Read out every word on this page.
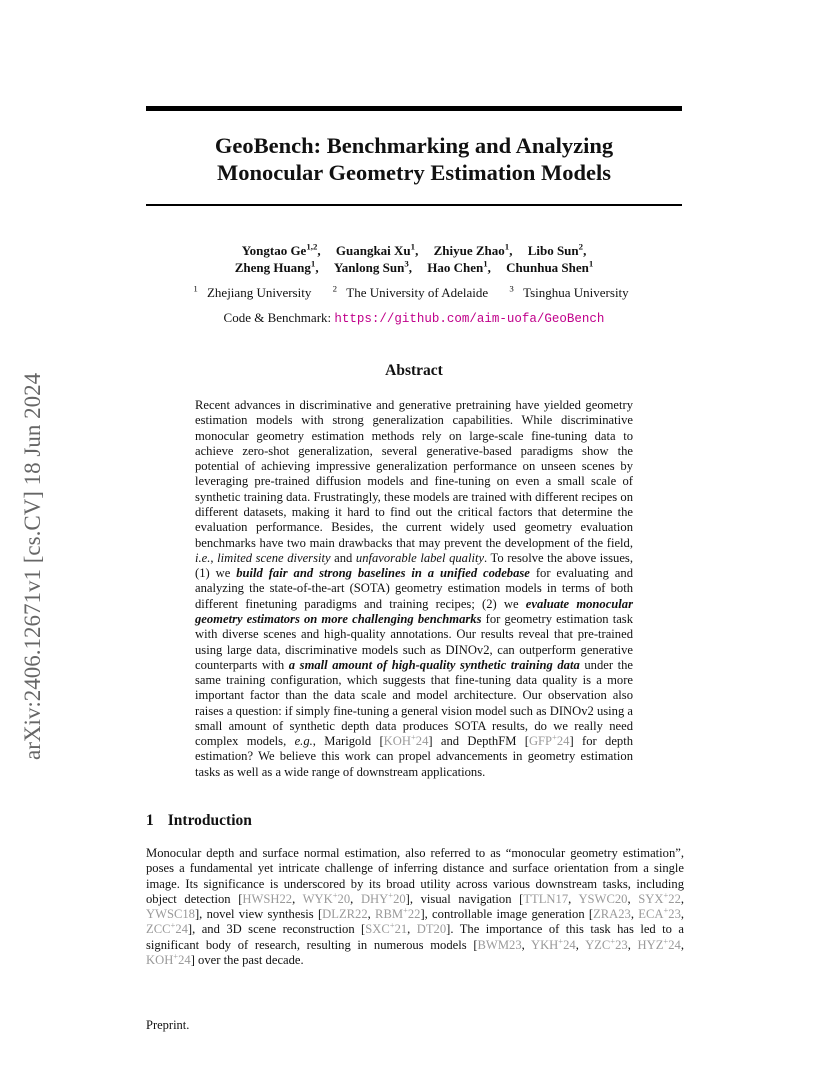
arXiv:2406.12671v1 [cs.CV] 18 Jun 2024
GeoBench: Benchmarking and Analyzing
Monocular Geometry Estimation Models
Yongtao Ge$^{1,2}$, Guangkai Xu$^1$, Zhiyue Zhao$^1$, Libo Sun$^2$,
Zheng Huang$^1$, Yanlong Sun$^3$, Hao Chen$^1$, Chunhua Shen$^1$
$^1$ Zhejiang University $^2$ The University of Adelaide $^3$ Tsinghua University
Code & Benchmark: https://github.com/aim-uofa/GeoBench
Abstract
Recent advances in discriminative and generative pretraining have yielded geometry estimation models with strong generalization capabilities. While discriminative monocular geometry estimation methods rely on large-scale fine-tuning data to achieve zero-shot generalization, several generative-based paradigms show the potential of achieving impressive generalization performance on unseen scenes by leveraging pre-trained diffusion models and fine-tuning on even a small scale of synthetic training data. Frustratingly, these models are trained with different recipes on different datasets, making it hard to find out the critical factors that determine the evaluation performance. Besides, the current widely used geometry evaluation benchmarks have two main drawbacks that may prevent the development of the field, i.e., limited scene diversity and unfavorable label quality. To resolve the above issues, (1) we build fair and strong baselines in a unified codebase for evaluating and analyzing the state-of-the-art (SOTA) geometry estimation models in terms of both different finetuning paradigms and training recipes; (2) we evaluate monocular geometry estimators on more challenging benchmarks for geometry estimation task with diverse scenes and high-quality annotations. Our results reveal that pre-trained using large data, discriminative models such as DINOv2, can outperform generative counterparts with a small amount of high-quality synthetic training data under the same training configuration, which suggests that fine-tuning data quality is a more important factor than the data scale and model architecture. Our observation also raises a question: if simply fine-tuning a general vision model such as DINOv2 using a small amount of synthetic depth data produces SOTA results, do we really need complex models, e.g., Marigold [KOH+24] and DepthFM [GFP+24] for depth estimation? We believe this work can propel advancements in geometry estimation tasks as well as a wide range of downstream applications.
1 Introduction
Monocular depth and surface normal estimation, also referred to as “monocular geometry estimation”, poses a fundamental yet intricate challenge of inferring distance and surface orientation from a single image. Its significance is underscored by its broad utility across various downstream tasks, including object detection [HWSH22, WYK+20, DHY+20], visual navigation [TTLN17, YSWC20, SYX+22, YWSC18], novel view synthesis [DLZR22, RBM+22], controllable image generation [ZRA23, ECA+23, ZCC+24], and 3D scene reconstruction [SXC+21, DT20]. The importance of this task has led to a significant body of research, resulting in numerous models [BWM23, YKH+24, YZC+23, HYZ+24, KOH+24] over the past decade.
Preprint.
